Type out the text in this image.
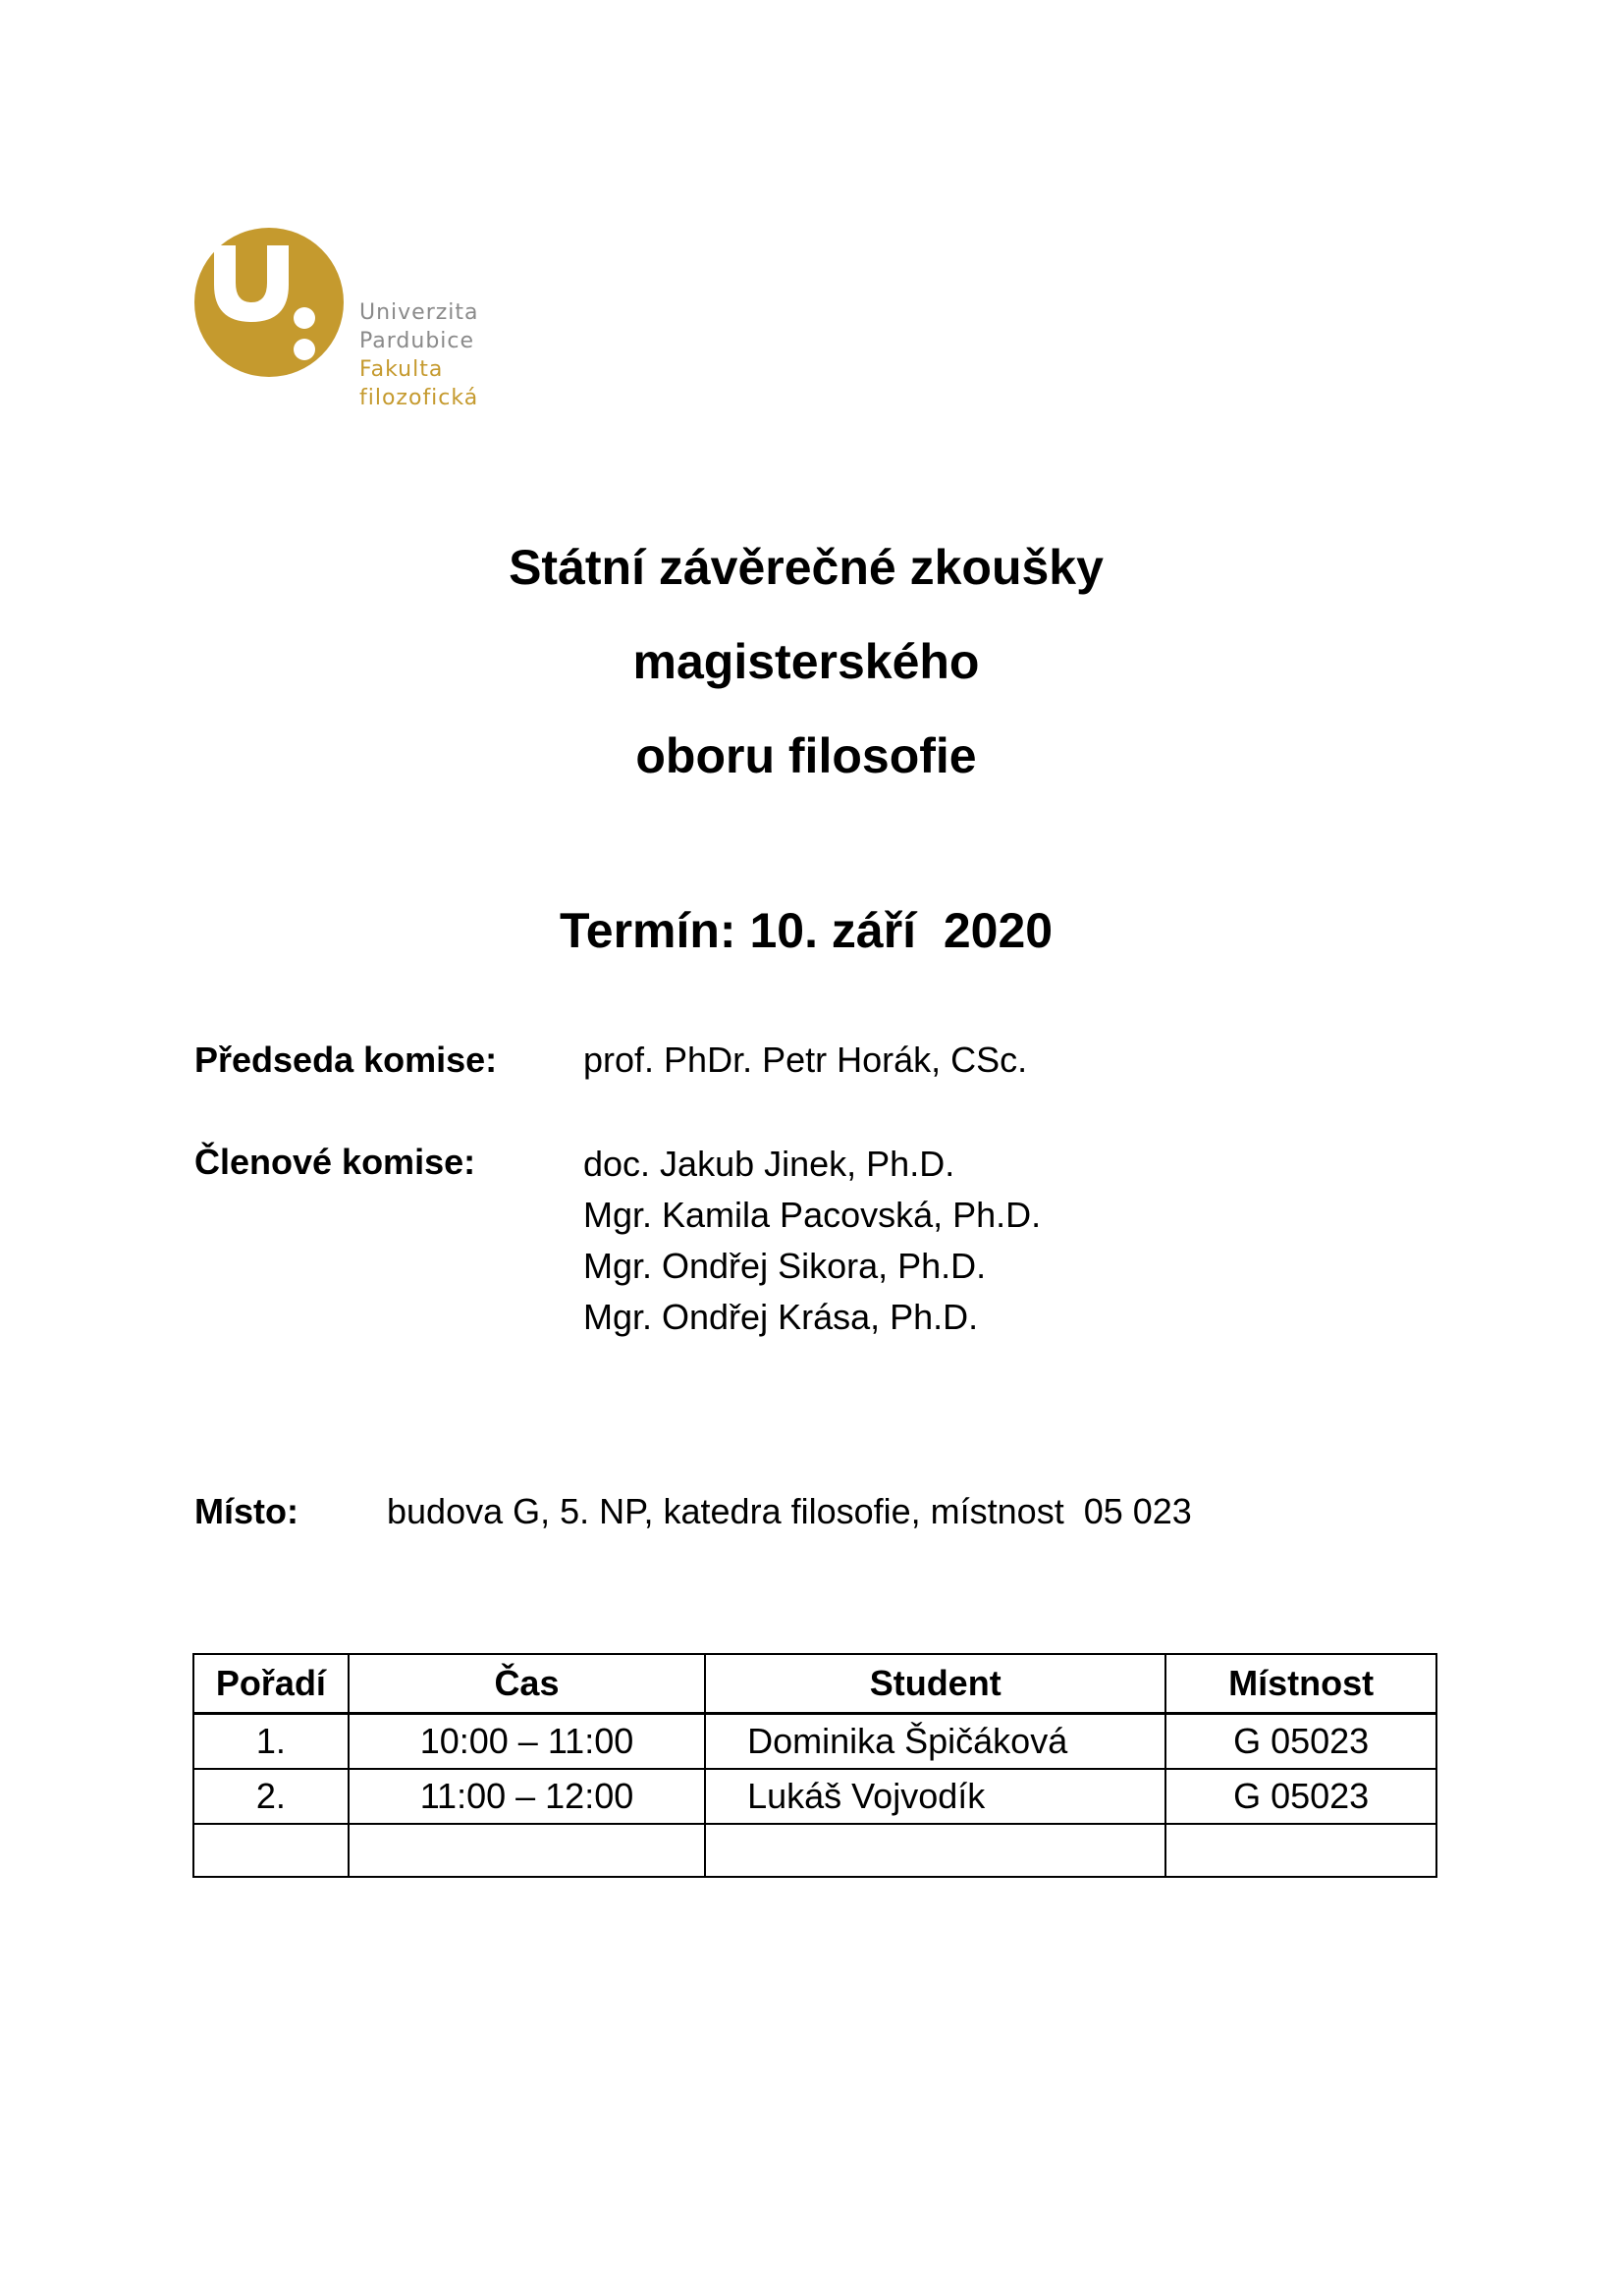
Univerzita
Pardubice
Fakulta
filozofická
Státní závěrečné zkoušky
magisterského
oboru filosofie
Termín: 10. září  2020
Předseda komise: prof. PhDr. Petr Horák, CSc.
Členové komise:	doc. Jakub Jinek, Ph.D.
Mgr. Kamila Pacovská, Ph.D.
Mgr. Ondřej Sikora, Ph.D.
Mgr. Ondřej Krása, Ph.D.
Místo:	budova G, 5. NP, katedra filosofie, místnost  05 023
Pořadí	Čas	Student	Místnost
1.	10:00 – 11:00	Dominika Špičáková	G 05023
2.	11:00 – 12:00	Lukáš Vojvodík	G 05023
